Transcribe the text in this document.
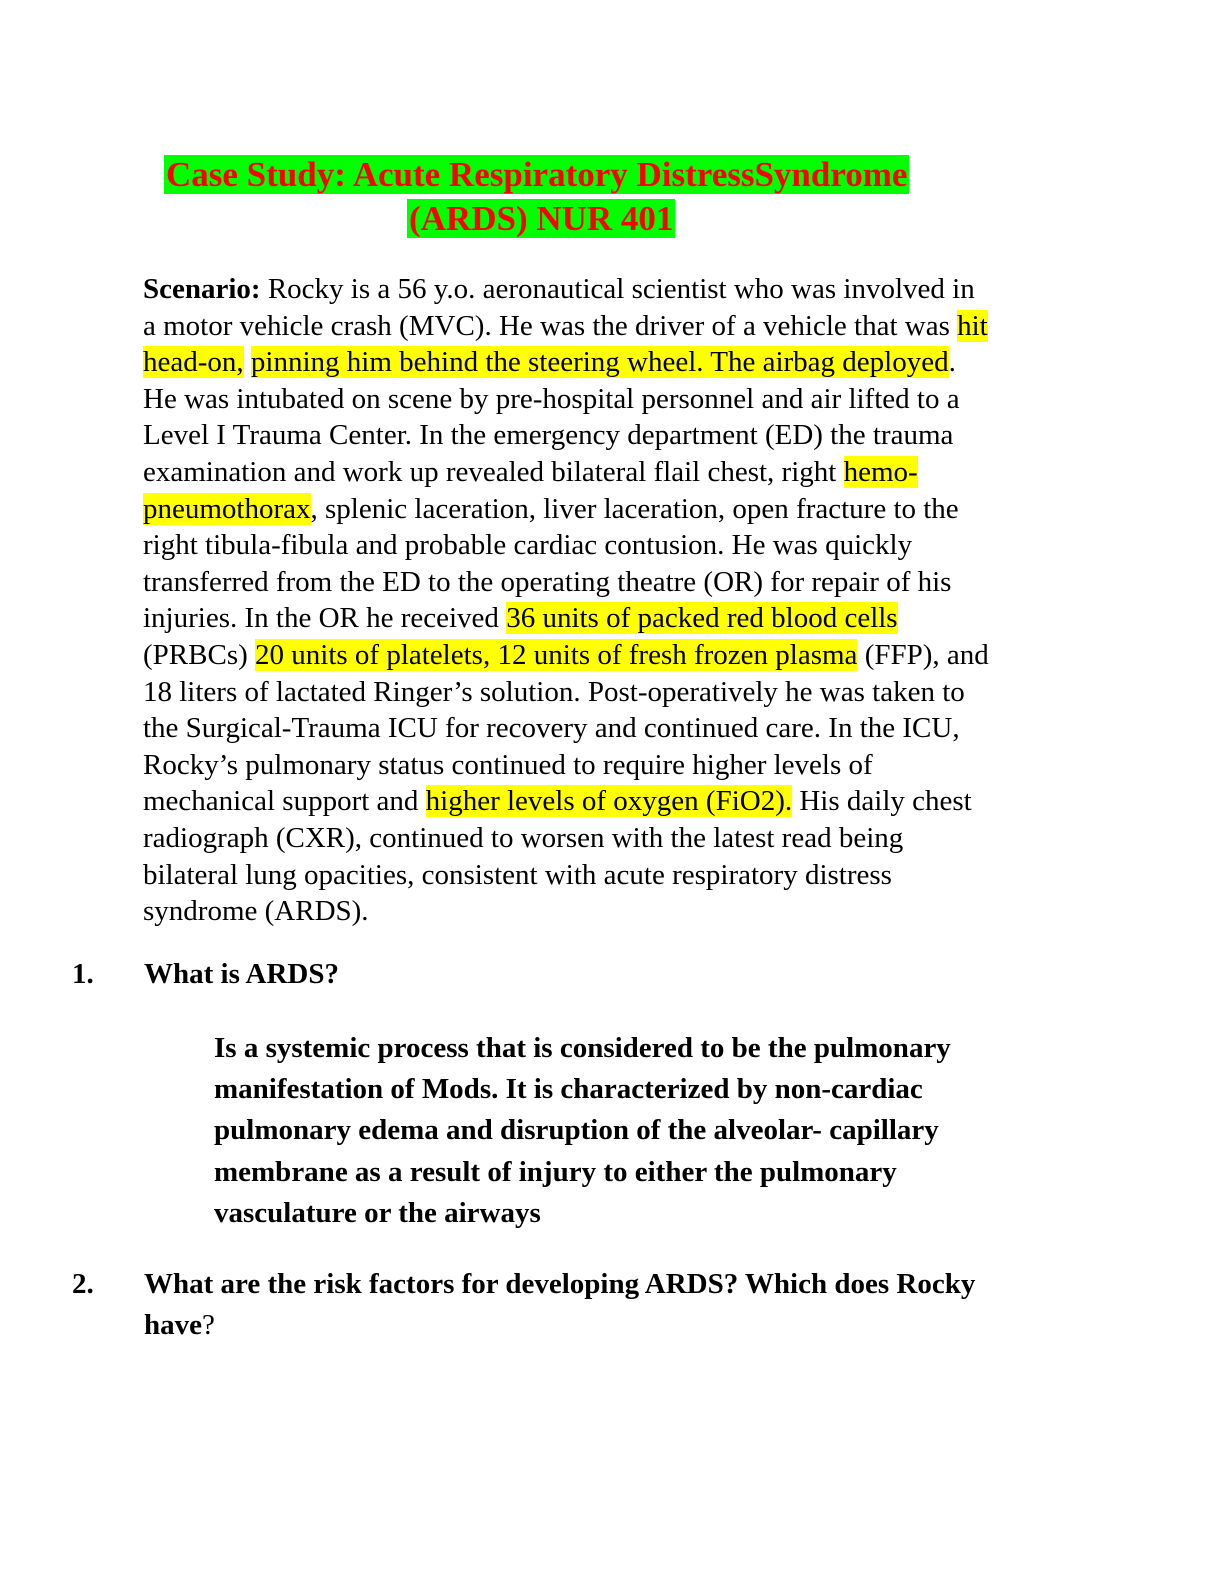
Case Study: Acute Respiratory DistressSyndrome
(ARDS) NUR 401
Scenario: Rocky is a 56 y.o. aeronautical scientist who was involved in
a motor vehicle crash (MVC). He was the driver of a vehicle that was hit
head-on, pinning him behind the steering wheel. The airbag deployed.
He was intubated on scene by pre-hospital personnel and air lifted to a
Level I Trauma Center. In the emergency department (ED) the trauma
examination and work up revealed bilateral flail chest, right hemo-
pneumothorax, splenic laceration, liver laceration, open fracture to the
right tibula-fibula and probable cardiac contusion. He was quickly
transferred from the ED to the operating theatre (OR) for repair of his
injuries. In the OR he received 36 units of packed red blood cells
(PRBCs) 20 units of platelets, 12 units of fresh frozen plasma (FFP), and
18 liters of lactated Ringer’s solution. Post-operatively he was taken to
the Surgical-Trauma ICU for recovery and continued care. In the ICU,
Rocky’s pulmonary status continued to require higher levels of
mechanical support and higher levels of oxygen (FiO2). His daily chest
radiograph (CXR), continued to worsen with the latest read being
bilateral lung opacities, consistent with acute respiratory distress
syndrome (ARDS).
1. What is ARDS?
Is a systemic process that is considered to be the pulmonary
manifestation of Mods. It is characterized by non-cardiac
pulmonary edema and disruption of the alveolar- capillary
membrane as a result of injury to either the pulmonary
vasculature or the airways
2. What are the risk factors for developing ARDS? Which does Rocky
have?
